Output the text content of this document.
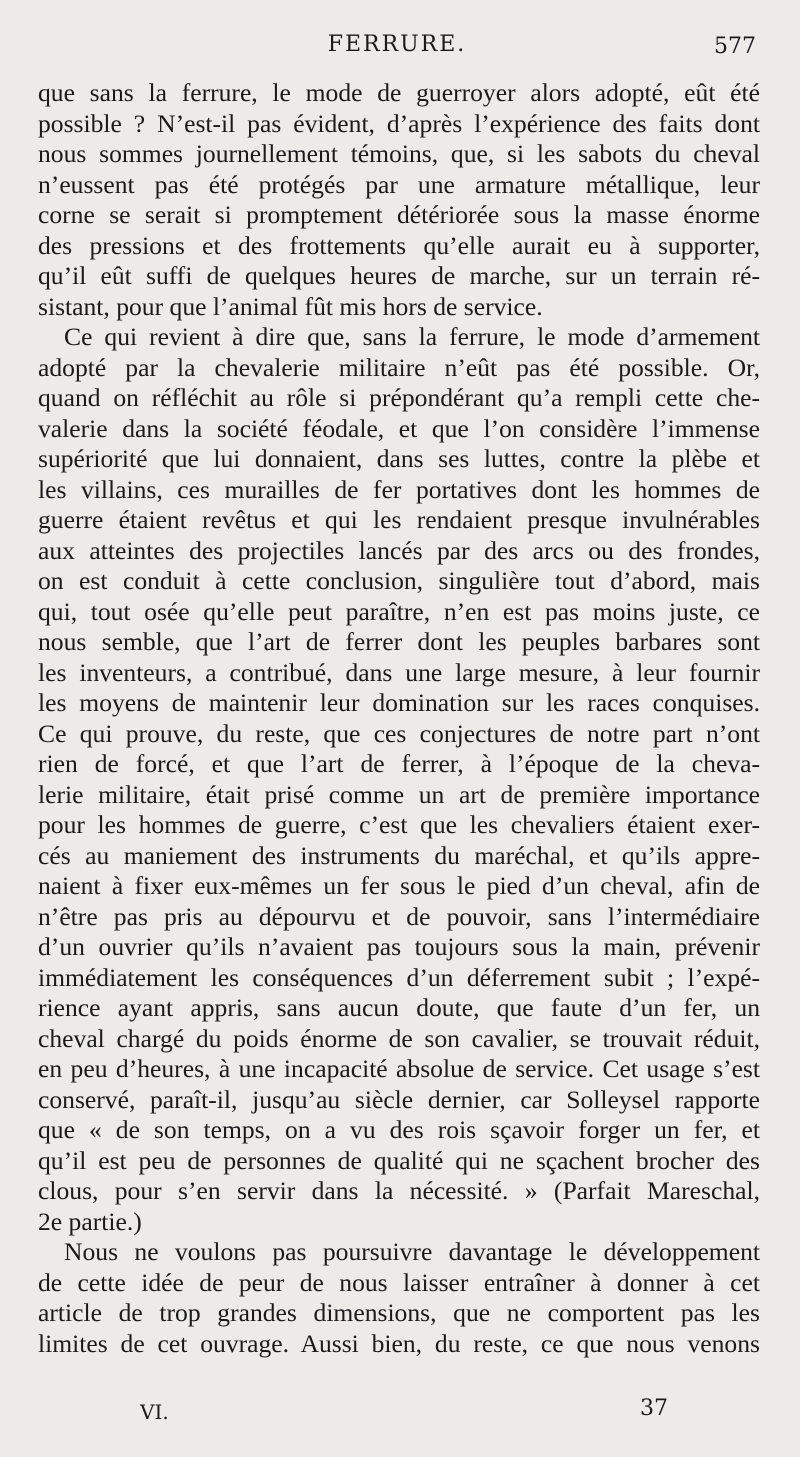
FERRURE.	577
que sans la ferrure, le mode de guerroyer alors adopté, eût été
possible ? N’est-il pas évident, d’après l’expérience des faits dont
nous sommes journellement témoins, que, si les sabots du cheval
n’eussent pas été protégés par une armature métallique, leur
corne se serait si promptement détériorée sous la masse énorme
des pressions et des frottements qu’elle aurait eu à supporter,
qu’il eût suffi de quelques heures de marche, sur un terrain ré-
sistant, pour que l’animal fût mis hors de service.
Ce qui revient à dire que, sans la ferrure, le mode d’armement
adopté par la chevalerie militaire n’eût pas été possible. Or,
quand on réfléchit au rôle si prépondérant qu’a rempli cette che-
valerie dans la société féodale, et que l’on considère l’immense
supériorité que lui donnaient, dans ses luttes, contre la plèbe et
les villains, ces murailles de fer portatives dont les hommes de
guerre étaient revêtus et qui les rendaient presque invulnérables
aux atteintes des projectiles lancés par des arcs ou des frondes,
on est conduit à cette conclusion, singulière tout d’abord, mais
qui, tout osée qu’elle peut paraître, n’en est pas moins juste, ce
nous semble, que l’art de ferrer dont les peuples barbares sont
les inventeurs, a contribué, dans une large mesure, à leur fournir
les moyens de maintenir leur domination sur les races conquises.
Ce qui prouve, du reste, que ces conjectures de notre part n’ont
rien de forcé, et que l’art de ferrer, à l’époque de la cheva-
lerie militaire, était prisé comme un art de première importance
pour les hommes de guerre, c’est que les chevaliers étaient exer-
cés au maniement des instruments du maréchal, et qu’ils appre-
naient à fixer eux-mêmes un fer sous le pied d’un cheval, afin de
n’être pas pris au dépourvu et de pouvoir, sans l’intermédiaire
d’un ouvrier qu’ils n’avaient pas toujours sous la main, prévenir
immédiatement les conséquences d’un déferrement subit ; l’expé-
rience ayant appris, sans aucun doute, que faute d’un fer, un
cheval chargé du poids énorme de son cavalier, se trouvait réduit,
en peu d’heures, à une incapacité absolue de service. Cet usage s’est
conservé, paraît-il, jusqu’au siècle dernier, car Solleysel rapporte
que « de son temps, on a vu des rois sçavoir forger un fer, et
qu’il est peu de personnes de qualité qui ne sçachent brocher des
clous, pour s’en servir dans la nécessité. » (Parfait Mareschal,
2e partie.)
Nous ne voulons pas poursuivre davantage le développement
de cette idée de peur de nous laisser entraîner à donner à cet
article de trop grandes dimensions, que ne comportent pas les
limites de cet ouvrage. Aussi bien, du reste, ce que nous venons
VI.	37
